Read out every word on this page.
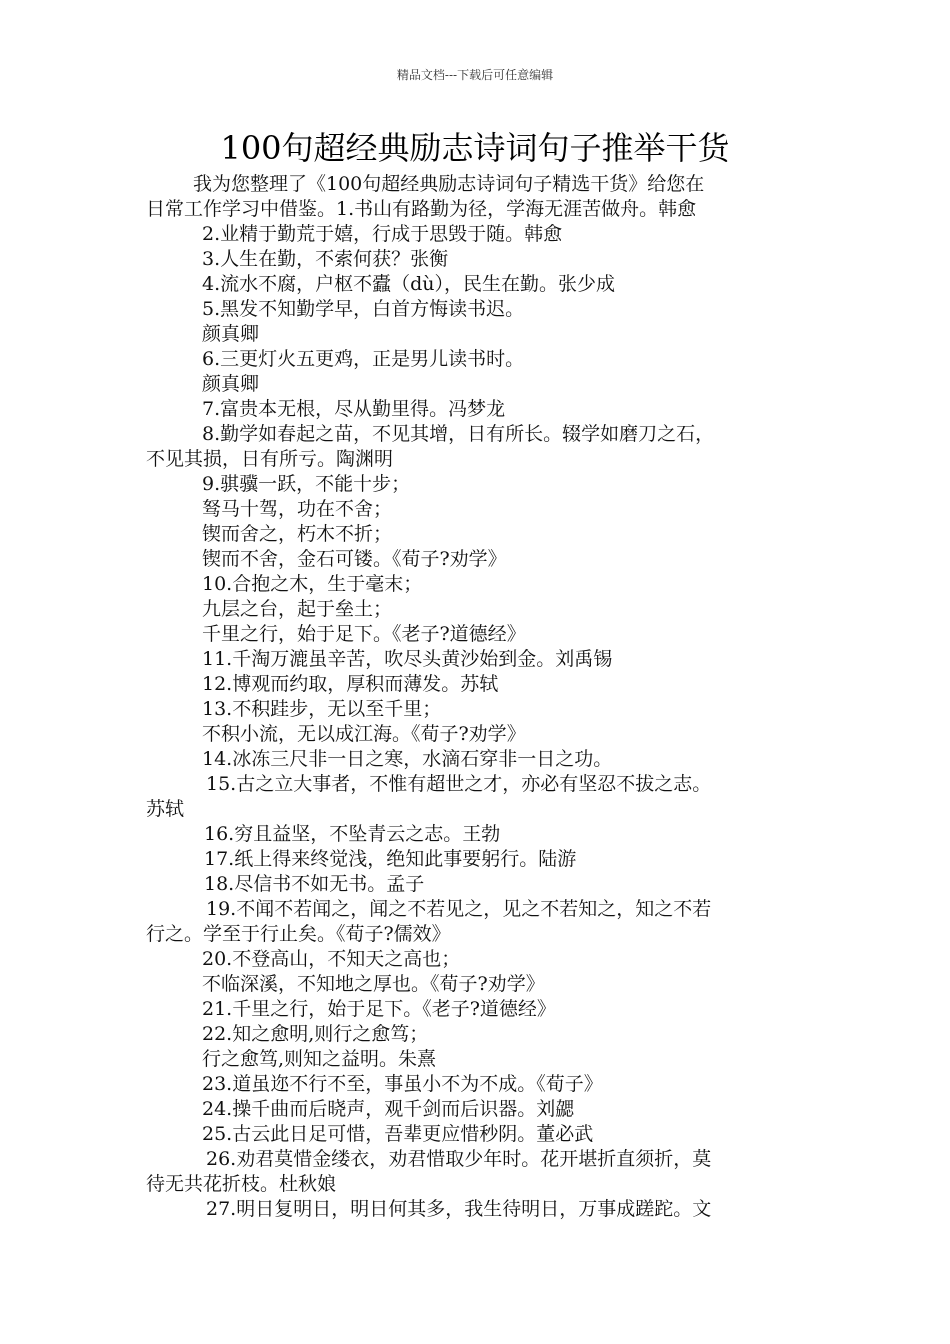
精品文档---下载后可任意编辑
100句超经典励志诗词句子推举干货
我为您整理了《100句超经典励志诗词句子精选干货》给您在
日常工作学习中借鉴。1.书山有路勤为径，学海无涯苦做舟。韩愈
2.业精于勤荒于嬉，行成于思毁于随。韩愈
3.人生在勤，不索何获？张衡
4.流水不腐，户枢不蠹（dù），民生在勤。张少成
5.黑发不知勤学早，白首方悔读书迟。
颜真卿
6.三更灯火五更鸡，正是男儿读书时。
颜真卿
7.富贵本无根，尽从勤里得。冯梦龙
8.勤学如春起之苗，不见其增，日有所长。辍学如磨刀之石，
不见其损，日有所亏。陶渊明
9.骐骥一跃，不能十步；
驽马十驾，功在不舍；
锲而舍之，朽木不折；
锲而不舍，金石可镂。《荀子?劝学》
10.合抱之木，生于毫末；
九层之台，起于垒土；
千里之行，始于足下。《老子?道德经》
11.千淘万漉虽辛苦，吹尽头黄沙始到金。刘禹锡
12.博观而约取，厚积而薄发。苏轼
13.不积跬步，无以至千里；
不积小流，无以成江海。《荀子?劝学》
14.冰冻三尺非一日之寒，水滴石穿非一日之功。
15.古之立大事者，不惟有超世之才，亦必有坚忍不拔之志。
苏轼
16.穷且益坚，不坠青云之志。王勃
17.纸上得来终觉浅，绝知此事要躬行。陆游
18.尽信书不如无书。孟子
19.不闻不若闻之，闻之不若见之，见之不若知之，知之不若
行之。学至于行止矣。《荀子?儒效》
20.不登高山，不知天之高也；
不临深溪，不知地之厚也。《荀子?劝学》
21.千里之行，始于足下。《老子?道德经》
22.知之愈明,则行之愈笃；
行之愈笃,则知之益明。朱熹
23.道虽迩不行不至，事虽小不为不成。《荀子》
24.操千曲而后晓声，观千剑而后识器。刘勰
25.古云此日足可惜，吾辈更应惜秒阴。董必武
26.劝君莫惜金缕衣，劝君惜取少年时。花开堪折直须折，莫
待无共花折枝。杜秋娘
27.明日复明日，明日何其多，我生待明日，万事成蹉跎。文
